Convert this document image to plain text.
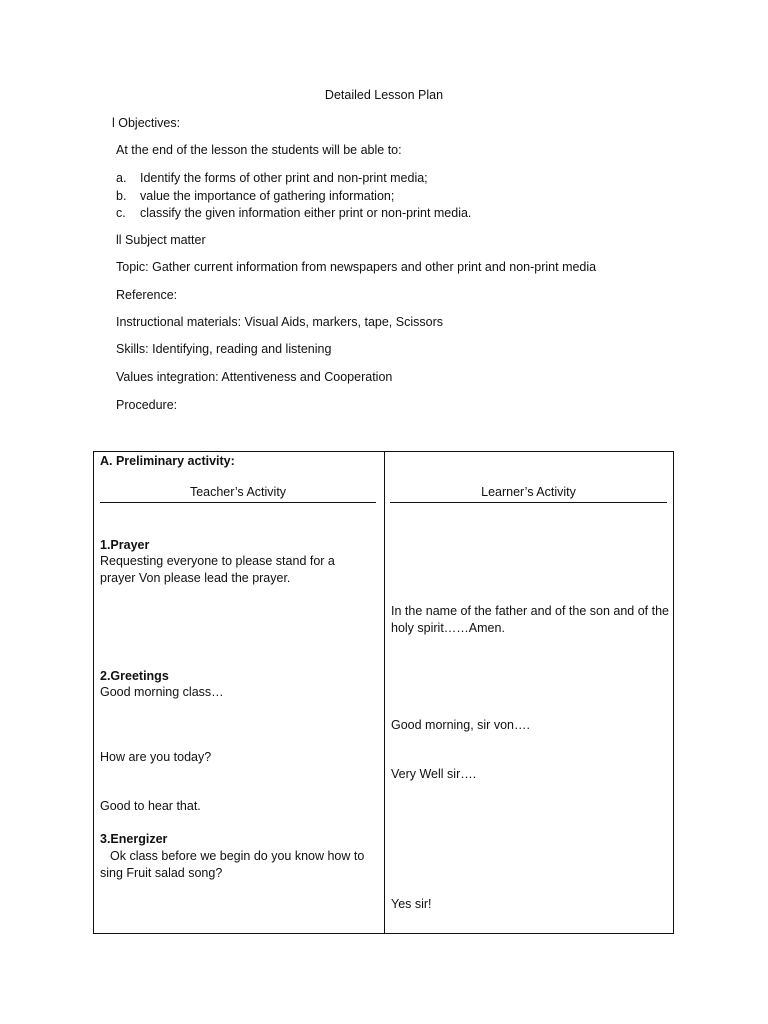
Detailed Lesson Plan
l Objectives:
At the end of the lesson the students will be able to:
a. Identify the forms of other print and non-print media;
b. value the importance of gathering information;
c. classify the given information either print or non-print media.
ll Subject matter
Topic: Gather current information from newspapers and other print and non-print media
Reference:
Instructional materials: Visual Aids, markers, tape, Scissors
Skills: Identifying, reading and listening
Values integration: Attentiveness and Cooperation
Procedure:
A. Preliminary activity:
Teacher’s Activity	Learner’s Activity
1.Prayer
Requesting everyone to please stand for a prayer Von please lead the prayer.
In the name of the father and of the son and of the holy spirit……Amen.
2.Greetings
Good morning class…
Good morning, sir von….
How are you today?
Very Well sir….
Good to hear that.
3.Energizer
Ok class before we begin do you know how to sing Fruit salad song?
Yes sir!
